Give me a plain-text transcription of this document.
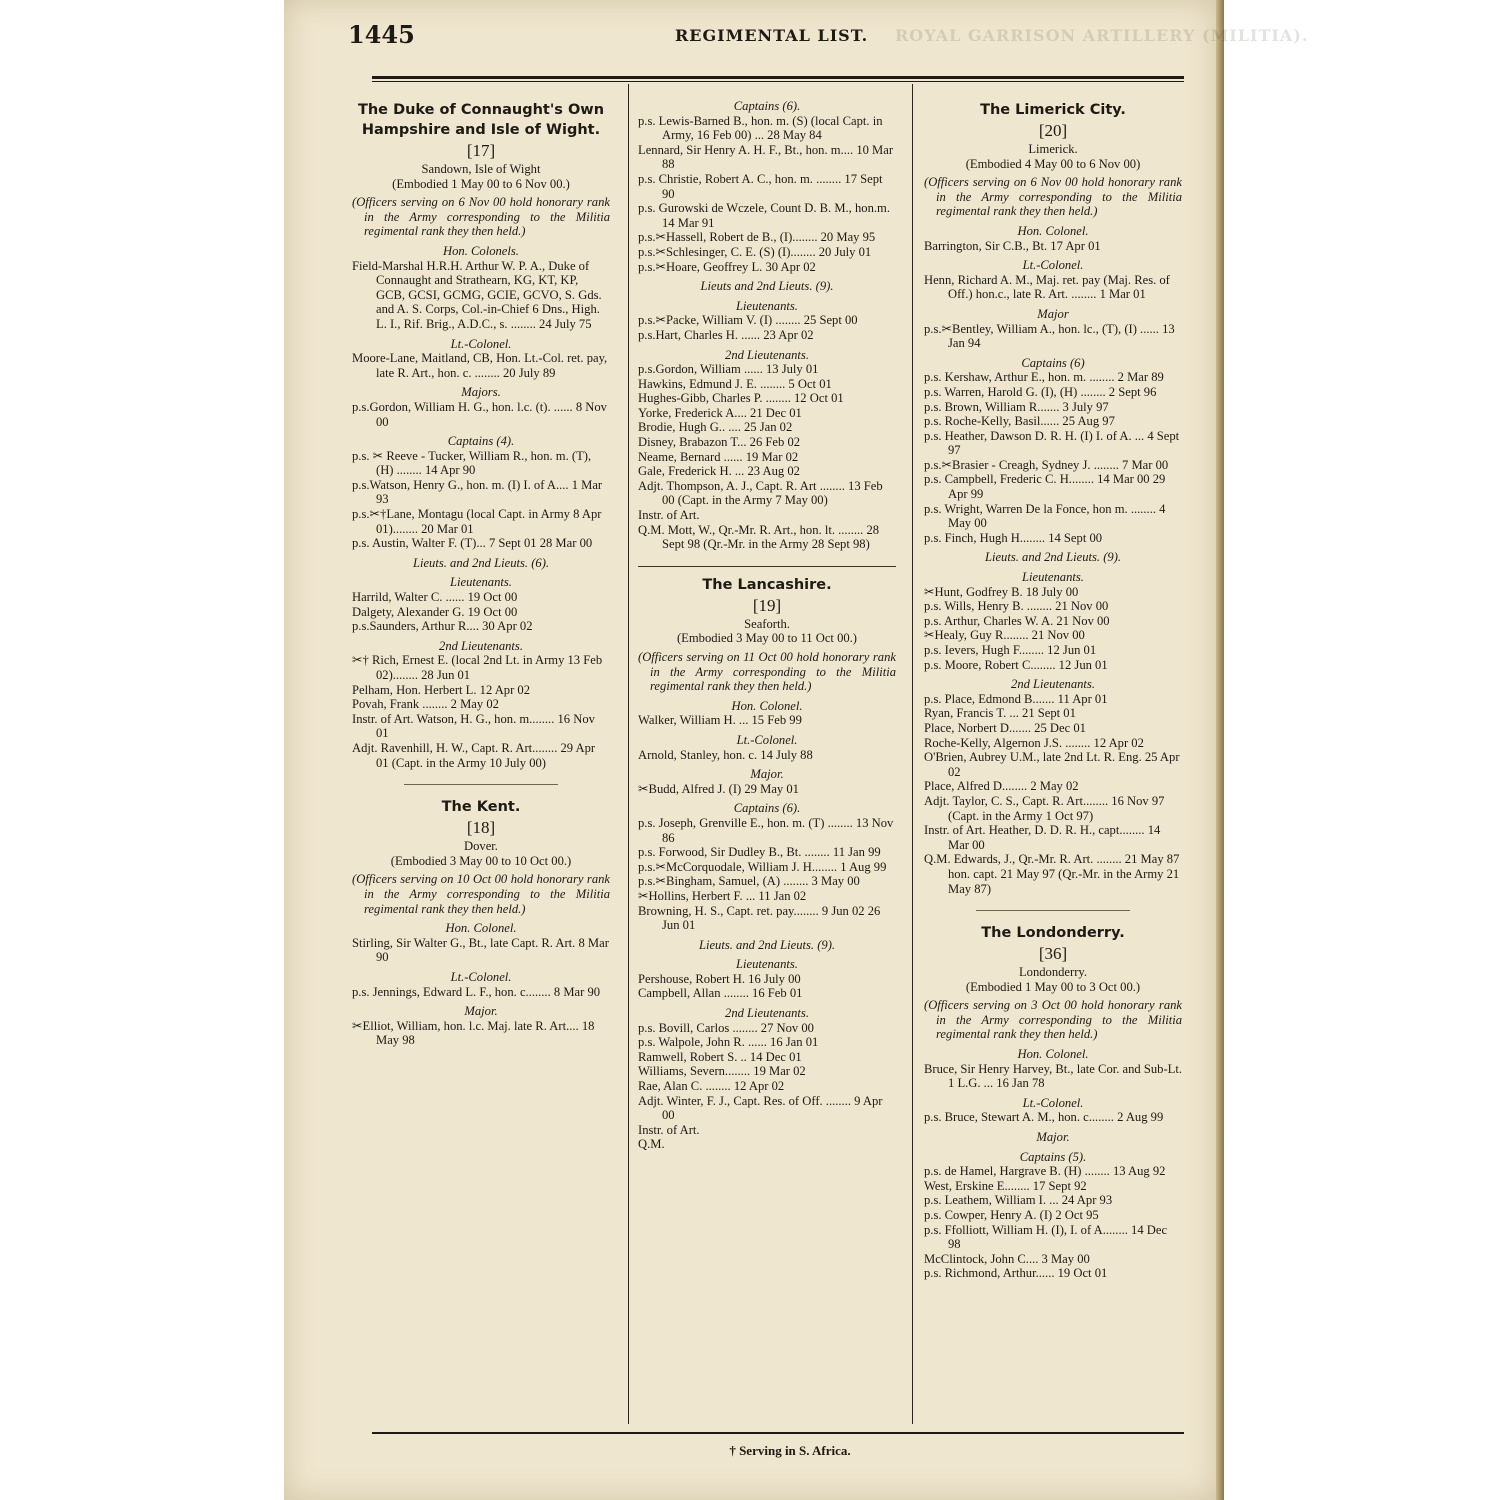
1445	REGIMENTAL LIST. ROYAL GARRISON ARTILLERY (MILITIA).
The Duke of Connaught's Own Hampshire and Isle of Wight.
[17]
Sandown, Isle of Wight
(Embodied 1 May 00 to 6 Nov 00.)
(Officers serving on 6 Nov 00 hold honorary rank in the Army corresponding to the Militia regimental rank they then held.)
Hon. Colonels.
Field-Marshal H.R.H. Arthur W. P. A., Duke of Connaught and Strathearn, KG, KT, KP, GCB, GCSI, GCMG, GCIE, GCVO, S. Gds. and A. S. Corps, Col.-in-Chief 6 Dns., High. L. I., Rif. Brig., A.D.C., s. ........ 24 July 75
Lt.-Colonel.
Moore-Lane, Maitland, CB, Hon. Lt.-Col. ret. pay, late R. Art., hon. c. ........ 20 July 89
Majors.
p.s.Gordon, William H. G., hon. l.c. (t). ...... 8 Nov 00
Captains (4).
p.s. ✂ Reeve - Tucker, William R., hon. m. (T), (H) ........ 14 Apr 90
p.s.Watson, Henry G., hon. m. (I) I. of A.... 1 Mar 93
p.s.✂†Lane, Montagu (local Capt. in Army 8 Apr 01)........ 20 Mar 01
p.s. Austin, Walter F. (T)... 7 Sept 01 28 Mar 00
Lieuts. and 2nd Lieuts. (6).
Lieutenants.
Harrild, Walter C. ...... 19 Oct 00
Dalgety, Alexander G. 19 Oct 00
p.s.Saunders, Arthur R.... 30 Apr 02
2nd Lieutenants.
✂† Rich, Ernest E. (local 2nd Lt. in Army 13 Feb 02)........ 28 Jun 01
Pelham, Hon. Herbert L. 12 Apr 02
Povah, Frank ........ 2 May 02
Instr. of Art. Watson, H. G., hon. m........ 16 Nov 01
Adjt. Ravenhill, H. W., Capt. R. Art........ 29 Apr 01 (Capt. in the Army 10 July 00)
The Kent.
[18]
Dover.
(Embodied 3 May 00 to 10 Oct 00.)
(Officers serving on 10 Oct 00 hold honorary rank in the Army corresponding to the Militia regimental rank they then held.)
Hon. Colonel.
Stirling, Sir Walter G., Bt., late Capt. R. Art. 8 Mar 90
Lt.-Colonel.
p.s. Jennings, Edward L. F., hon. c........ 8 Mar 90
Major.
✂Elliot, William, hon. l.c. Maj. late R. Art.... 18 May 98
Captains (6).
p.s. Lewis-Barned B., hon. m. (S) (local Capt. in Army, 16 Feb 00) ... 28 May 84
Lennard, Sir Henry A. H. F., Bt., hon. m.... 10 Mar 88
p.s. Christie, Robert A. C., hon. m. ........ 17 Sept 90
p.s. Gurowski de Wczele, Count D. B. M., hon.m. 14 Mar 91
p.s.✂Hassell, Robert de B., (I)........ 20 May 95
p.s.✂Schlesinger, C. E. (S) (I)........ 20 July 01
p.s.✂Hoare, Geoffrey L. 30 Apr 02
Lieuts and 2nd Lieuts. (9).
Lieutenants.
p.s.✂Packe, William V. (I) ........ 25 Sept 00
p.s.Hart, Charles H. ...... 23 Apr 02
2nd Lieutenants.
p.s.Gordon, William ...... 13 July 01
Hawkins, Edmund J. E. ........ 5 Oct 01
Hughes-Gibb, Charles P. ........ 12 Oct 01
Yorke, Frederick A.... 21 Dec 01
Brodie, Hugh G.. .... 25 Jan 02
Disney, Brabazon T... 26 Feb 02
Neame, Bernard ...... 19 Mar 02
Gale, Frederick H. ... 23 Aug 02
Adjt. Thompson, A. J., Capt. R. Art ........ 13 Feb 00 (Capt. in the Army 7 May 00)
Instr. of Art.
Q.M. Mott, W., Qr.-Mr. R. Art., hon. lt. ........ 28 Sept 98 (Qr.-Mr. in the Army 28 Sept 98)
The Lancashire.
[19]
Seaforth.
(Embodied 3 May 00 to 11 Oct 00.)
(Officers serving on 11 Oct 00 hold honorary rank in the Army corresponding to the Militia regimental rank they then held.)
Hon. Colonel.
Walker, William H. ... 15 Feb 99
Lt.-Colonel.
Arnold, Stanley, hon. c. 14 July 88
Major.
✂Budd, Alfred J. (I) 29 May 01
Captains (6).
p.s. Joseph, Grenville E., hon. m. (T) ........ 13 Nov 86
p.s. Forwood, Sir Dudley B., Bt. ........ 11 Jan 99
p.s.✂McCorquodale, William J. H........ 1 Aug 99
p.s.✂Bingham, Samuel, (A) ........ 3 May 00
✂Hollins, Herbert F. ... 11 Jan 02
Browning, H. S., Capt. ret. pay........ 9 Jun 02 26 Jun 01
Lieuts. and 2nd Lieuts. (9).
Lieutenants.
Pershouse, Robert H. 16 July 00
Campbell, Allan ........ 16 Feb 01
2nd Lieutenants.
p.s. Bovill, Carlos ........ 27 Nov 00
p.s. Walpole, John R. ...... 16 Jan 01
Ramwell, Robert S. .. 14 Dec 01
Williams, Severn........ 19 Mar 02
Rae, Alan C. ........ 12 Apr 02
Adjt. Winter, F. J., Capt. Res. of Off. ........ 9 Apr 00
Instr. of Art.
Q.M.
The Limerick City.
[20]
Limerick.
(Embodied 4 May 00 to 6 Nov 00)
(Officers serving on 6 Nov 00 hold honorary rank in the Army corresponding to the Militia regimental rank they then held.)
Hon. Colonel.
Barrington, Sir C.B., Bt. 17 Apr 01
Lt.-Colonel.
Henn, Richard A. M., Maj. ret. pay (Maj. Res. of Off.) hon.c., late R. Art. ........ 1 Mar 01
Major
p.s.✂Bentley, William A., hon. lc., (T), (I) ...... 13 Jan 94
Captains (6)
p.s. Kershaw, Arthur E., hon. m. ........ 2 Mar 89
p.s. Warren, Harold G. (I), (H) ........ 2 Sept 96
p.s. Brown, William R....... 3 July 97
p.s. Roche-Kelly, Basil...... 25 Aug 97
p.s. Heather, Dawson D. R. H. (I) I. of A. ... 4 Sept 97
p.s.✂Brasier - Creagh, Sydney J. ........ 7 Mar 00
p.s. Campbell, Frederic C. H........ 14 Mar 00 29 Apr 99
p.s. Wright, Warren De la Fonce, hon m. ........ 4 May 00
p.s. Finch, Hugh H........ 14 Sept 00
Lieuts. and 2nd Lieuts. (9).
Lieutenants.
✂Hunt, Godfrey B. 18 July 00
p.s. Wills, Henry B. ........ 21 Nov 00
p.s. Arthur, Charles W. A. 21 Nov 00
✂Healy, Guy R........ 21 Nov 00
p.s. Ievers, Hugh F........ 12 Jun 01
p.s. Moore, Robert C........ 12 Jun 01
2nd Lieutenants.
p.s. Place, Edmond B....... 11 Apr 01
Ryan, Francis T. ... 21 Sept 01
Place, Norbert D....... 25 Dec 01
Roche-Kelly, Algernon J.S. ........ 12 Apr 02
O'Brien, Aubrey U.M., late 2nd Lt. R. Eng. 25 Apr 02
Place, Alfred D........ 2 May 02
Adjt. Taylor, C. S., Capt. R. Art........ 16 Nov 97 (Capt. in the Army 1 Oct 97)
Instr. of Art. Heather, D. D. R. H., capt........ 14 Mar 00
Q.M. Edwards, J., Qr.-Mr. R. Art. ........ 21 May 87 hon. capt. 21 May 97 (Qr.-Mr. in the Army 21 May 87)
The Londonderry.
[36]
Londonderry.
(Embodied 1 May 00 to 3 Oct 00.)
(Officers serving on 3 Oct 00 hold honorary rank in the Army corresponding to the Militia regimental rank they then held.)
Hon. Colonel.
Bruce, Sir Henry Harvey, Bt., late Cor. and Sub-Lt. 1 L.G. ... 16 Jan 78
Lt.-Colonel.
p.s. Bruce, Stewart A. M., hon. c........ 2 Aug 99
Major.
Captains (5).
p.s. de Hamel, Hargrave B. (H) ........ 13 Aug 92
West, Erskine E........ 17 Sept 92
p.s. Leathem, William I. ... 24 Apr 93
p.s. Cowper, Henry A. (I) 2 Oct 95
p.s. Ffolliott, William H. (I), I. of A........ 14 Dec 98
McClintock, John C.... 3 May 00
p.s. Richmond, Arthur...... 19 Oct 01
† Serving in S. Africa.
